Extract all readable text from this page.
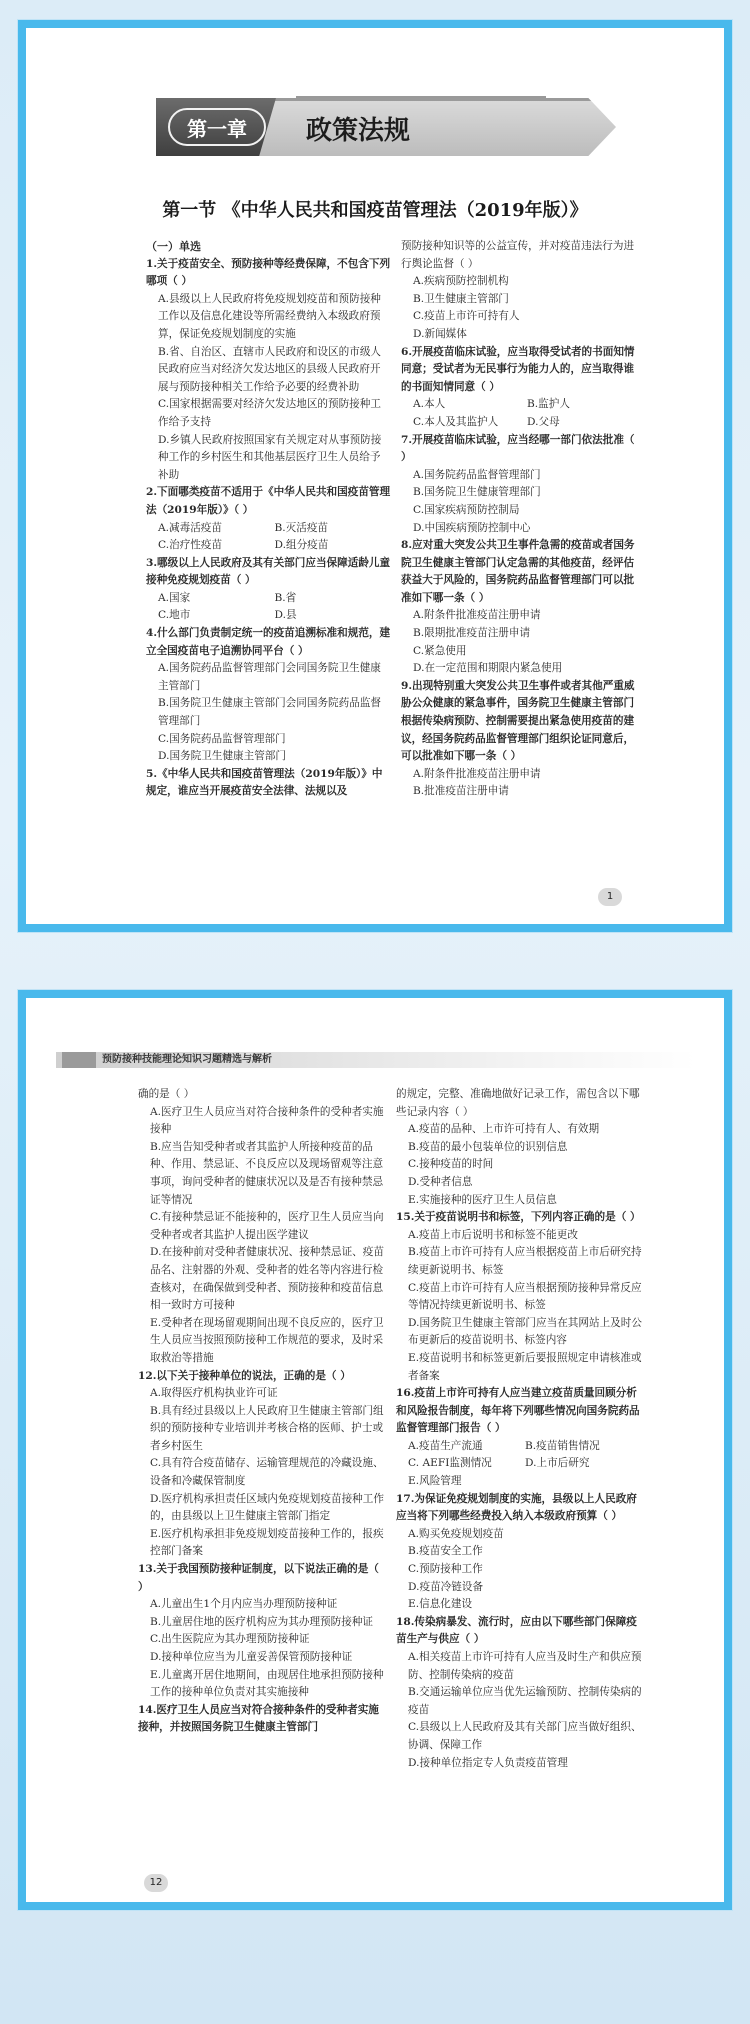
第一章	政策法规
第一节 《中华人民共和国疫苗管理法（2019年版）》

（一）单选

1.关于疫苗安全、预防接种等经费保障，不包含下列哪项（ ）

A.县级以上人民政府将免疫规划疫苗和预防接种工作以及信息化建设等所需经费纳入本级政府预算，保证免疫规划制度的实施

B.省、自治区、直辖市人民政府和设区的市级人民政府应当对经济欠发达地区的县级人民政府开展与预防接种相关工作给予必要的经费补助

C.国家根据需要对经济欠发达地区的预防接种工作给予支持

D.乡镇人民政府按照国家有关规定对从事预防接种工作的乡村医生和其他基层医疗卫生人员给予补助

2.下面哪类疫苗不适用于《中华人民共和国疫苗管理法（2019年版）》（ ）

A.减毒活疫苗	B.灭活疫苗

C.治疗性疫苗	D.组分疫苗

3.哪级以上人民政府及其有关部门应当保障适龄儿童接种免疫规划疫苗（ ）

A.国家	B.省

C.地市	D.县

4.什么部门负责制定统一的疫苗追溯标准和规范，建立全国疫苗电子追溯协同平台（ ）

A.国务院药品监督管理部门会同国务院卫生健康主管部门

B.国务院卫生健康主管部门会同国务院药品监督管理部门

C.国务院药品监督管理部门

D.国务院卫生健康主管部门

5.《中华人民共和国疫苗管理法（2019年版）》中规定，谁应当开展疫苗安全法律、法规以及

预防接种知识等的公益宣传，并对疫苗违法行为进行舆论监督（ ）

A.疾病预防控制机构

B.卫生健康主管部门

C.疫苗上市许可持有人

D.新闻媒体

6.开展疫苗临床试验，应当取得受试者的书面知情同意；受试者为无民事行为能力人的，应当取得谁的书面知情同意（ ）

A.本人	B.监护人

C.本人及其监护人	D.父母

7.开展疫苗临床试验，应当经哪一部门依法批准（ ）

A.国务院药品监督管理部门

B.国务院卫生健康管理部门

C.国家疾病预防控制局

D.中国疾病预防控制中心

8.应对重大突发公共卫生事件急需的疫苗或者国务院卫生健康主管部门认定急需的其他疫苗，经评估获益大于风险的，国务院药品监督管理部门可以批准如下哪一条（ ）

A.附条件批准疫苗注册申请

B.限期批准疫苗注册申请

C.紧急使用

D.在一定范围和期限内紧急使用

9.出现特别重大突发公共卫生事件或者其他严重威胁公众健康的紧急事件，国务院卫生健康主管部门根据传染病预防、控制需要提出紧急使用疫苗的建议，经国务院药品监督管理部门组织论证同意后，可以批准如下哪一条（ ）

A.附条件批准疫苗注册申请

B.批准疫苗注册申请

1
预防接种技能理论知识习题精选与解析

确的是（ ）

A.医疗卫生人员应当对符合接种条件的受种者实施接种

B.应当告知受种者或者其监护人所接种疫苗的品种、作用、禁忌证、不良反应以及现场留观等注意事项，询问受种者的健康状况以及是否有接种禁忌证等情况

C.有接种禁忌证不能接种的，医疗卫生人员应当向受种者或者其监护人提出医学建议

D.在接种前对受种者健康状况、接种禁忌证、疫苗品名、注射器的外观、受种者的姓名等内容进行检查核对，在确保做到受种者、预防接种和疫苗信息相一致时方可接种

E.受种者在现场留观期间出现不良反应的，医疗卫生人员应当按照预防接种工作规范的要求，及时采取救治等措施

12.以下关于接种单位的说法，正确的是（ ）

A.取得医疗机构执业许可证

B.具有经过县级以上人民政府卫生健康主管部门组织的预防接种专业培训并考核合格的医师、护士或者乡村医生

C.具有符合疫苗储存、运输管理规范的冷藏设施、设备和冷藏保管制度

D.医疗机构承担责任区域内免疫规划疫苗接种工作的，由县级以上卫生健康主管部门指定

E.医疗机构承担非免疫规划疫苗接种工作的，报疾控部门备案

13.关于我国预防接种证制度，以下说法正确的是（ ）

A.儿童出生1个月内应当办理预防接种证

B.儿童居住地的医疗机构应为其办理预防接种证

C.出生医院应为其办理预防接种证

D.接种单位应当为儿童妥善保管预防接种证

E.儿童离开居住地期间，由现居住地承担预防接种工作的接种单位负责对其实施接种

14.医疗卫生人员应当对符合接种条件的受种者实施接种，并按照国务院卫生健康主管部门

的规定，完整、准确地做好记录工作，需包含以下哪些记录内容（ ）

A.疫苗的品种、上市许可持有人、有效期

B.疫苗的最小包装单位的识别信息

C.接种疫苗的时间

D.受种者信息

E.实施接种的医疗卫生人员信息

15.关于疫苗说明书和标签，下列内容正确的是（ ）

A.疫苗上市后说明书和标签不能更改

B.疫苗上市许可持有人应当根据疫苗上市后研究持续更新说明书、标签

C.疫苗上市许可持有人应当根据预防接种异常反应等情况持续更新说明书、标签

D.国务院卫生健康主管部门应当在其网站上及时公布更新后的疫苗说明书、标签内容

E.疫苗说明书和标签更新后要报照规定申请核准或者备案

16.疫苗上市许可持有人应当建立疫苗质量回顾分析和风险报告制度，每年将下列哪些情况向国务院药品监督管理部门报告（ ）

A.疫苗生产流通	B.疫苗销售情况

C. AEFI监测情况	D.上市后研究

E.风险管理

17.为保证免疫规划制度的实施，县级以上人民政府应当将下列哪些经费投入纳入本级政府预算（ ）

A.购买免疫规划疫苗

B.疫苗安全工作

C.预防接种工作

D.疫苗冷链设备

E.信息化建设

18.传染病暴发、流行时，应由以下哪些部门保障疫苗生产与供应（ ）

A.相关疫苗上市许可持有人应当及时生产和供应预防、控制传染病的疫苗

B.交通运输单位应当优先运输预防、控制传染病的疫苗

C.县级以上人民政府及其有关部门应当做好组织、协调、保障工作

D.接种单位指定专人负责疫苗管理

12
